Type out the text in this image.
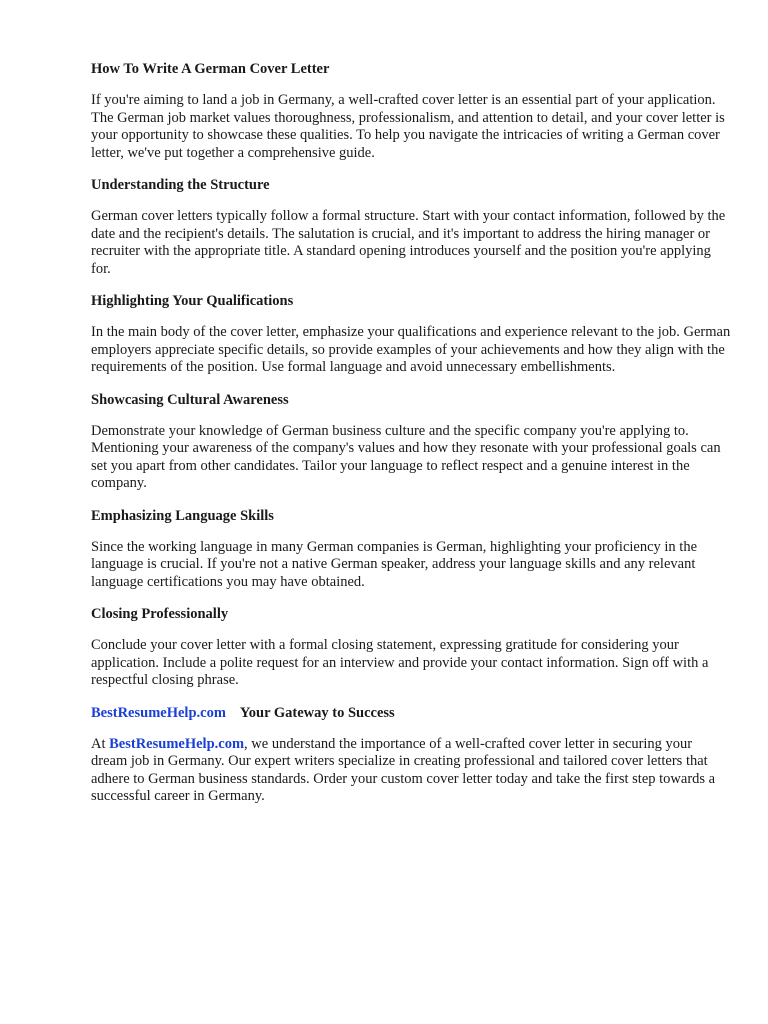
How To Write A German Cover Letter

If you're aiming to land a job in Germany, a well-crafted cover letter is an essential part of your application. The German job market values thoroughness, professionalism, and attention to detail, and your cover letter is your opportunity to showcase these qualities. To help you navigate the intricacies of writing a German cover letter, we've put together a comprehensive guide.

Understanding the Structure

German cover letters typically follow a formal structure. Start with your contact information, followed by the date and the recipient's details. The salutation is crucial, and it's important to address the hiring manager or recruiter with the appropriate title. A standard opening introduces yourself and the position you're applying for.

Highlighting Your Qualifications

In the main body of the cover letter, emphasize your qualifications and experience relevant to the job. German employers appreciate specific details, so provide examples of your achievements and how they align with the requirements of the position. Use formal language and avoid unnecessary embellishments.

Showcasing Cultural Awareness

Demonstrate your knowledge of German business culture and the specific company you're applying to. Mentioning your awareness of the company's values and how they resonate with your professional goals can set you apart from other candidates. Tailor your language to reflect respect and a genuine interest in the company.

Emphasizing Language Skills

Since the working language in many German companies is German, highlighting your proficiency in the language is crucial. If you're not a native German speaker, address your language skills and any relevant language certifications you may have obtained.

Closing Professionally

Conclude your cover letter with a formal closing statement, expressing gratitude for considering your application. Include a polite request for an interview and provide your contact information. Sign off with a respectful closing phrase.

BestResumeHelp.com Your Gateway to Success

At BestResumeHelp.com, we understand the importance of a well-crafted cover letter in securing your dream job in Germany. Our expert writers specialize in creating professional and tailored cover letters that adhere to German business standards. Order your custom cover letter today and take the first step towards a successful career in Germany.
